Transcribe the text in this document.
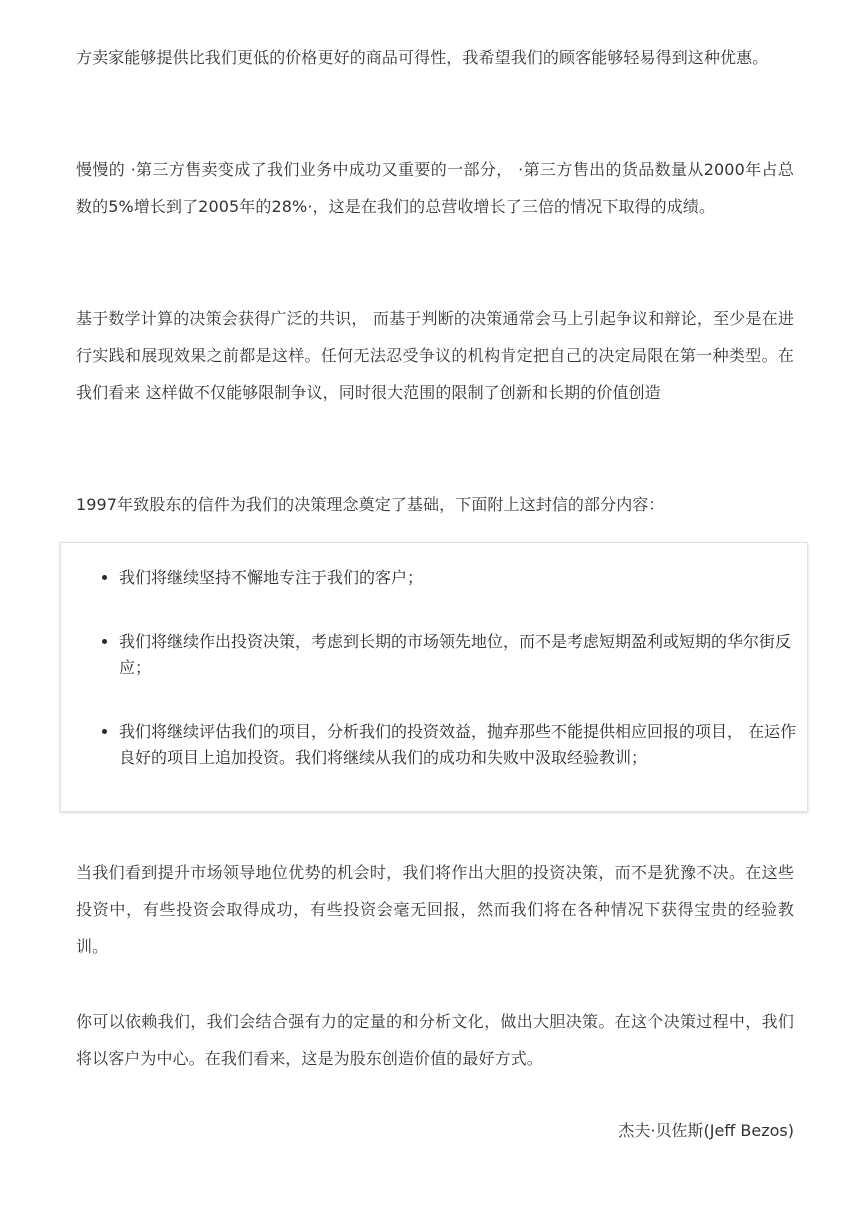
方卖家能够提供比我们更低的价格更好的商品可得性，我希望我们的顾客能够轻易得到这种优惠。

慢慢的 ·第三方售卖变成了我们业务中成功又重要的一部分， ·第三方售出的货品数量从2000年占总数的5%增长到了2005年的28%·，这是在我们的总营收增长了三倍的情况下取得的成绩。

基于数学计算的决策会获得广泛的共识， 而基于判断的决策通常会马上引起争议和辩论，至少是在进行实践和展现效果之前都是这样。任何无法忍受争议的机构肯定把自己的决定局限在第一种类型。在我们看来 这样做不仅能够限制争议，同时很大范围的限制了创新和长期的价值创造

1997年致股东的信件为我们的决策理念奠定了基础，下面附上这封信的部分内容：

• 我们将继续坚持不懈地专注于我们的客户；
• 我们将继续作出投资决策，考虑到长期的市场领先地位，而不是考虑短期盈利或短期的华尔街反应；
• 我们将继续评估我们的项目，分析我们的投资效益，抛弃那些不能提供相应回报的项目， 在运作良好的项目上追加投资。我们将继续从我们的成功和失败中汲取经验教训；

当我们看到提升市场领导地位优势的机会时，我们将作出大胆的投资决策，而不是犹豫不决。在这些投资中，有些投资会取得成功，有些投资会毫无回报，然而我们将在各种情况下获得宝贵的经验教训。

你可以依赖我们，我们会结合强有力的定量的和分析文化，做出大胆决策。在这个决策过程中，我们将以客户为中心。在我们看来，这是为股东创造价值的最好方式。

杰夫·贝佐斯(Jeff Bezos)
